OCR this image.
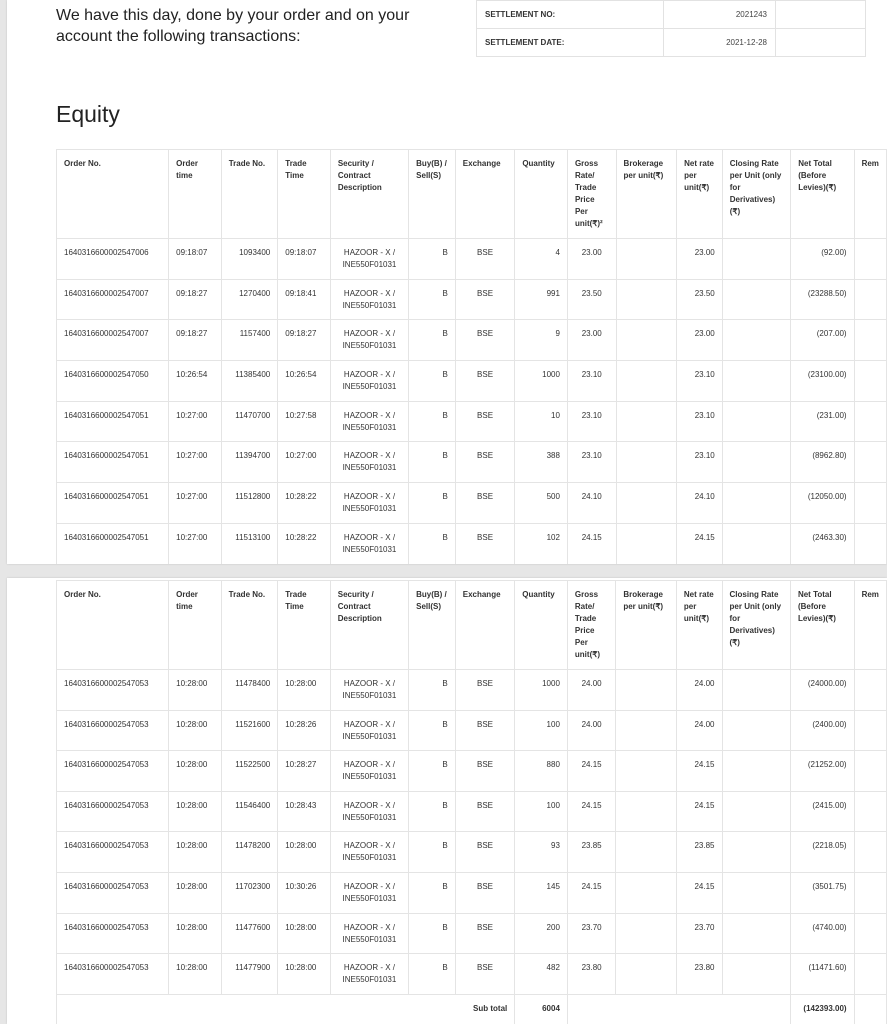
We have this day, done by your order and on your account the following transactions:
SETTLEMENT NO:	2021243	
SETTLEMENT DATE:	2021-12-28	
Equity
Order No.	Order time	Trade No.	Trade Time	Security / Contract Description	Buy(B) / Sell(S)	Exchange	Quantity	Gross Rate/ Trade Price Per unit(₹)²	Brokerage per unit(₹)	Net rate per unit(₹)	Closing Rate per Unit (only for Derivatives) (₹)	Net Total (Before Levies)(₹)	Rem
1640316600002547006	09:18:07	1093400	09:18:07	HAZOOR - X / INE550F01031	B	BSE	4	23.00		23.00		(92.00)	
1640316600002547007	09:18:27	1270400	09:18:41	HAZOOR - X / INE550F01031	B	BSE	991	23.50		23.50		(23288.50)	
1640316600002547007	09:18:27	1157400	09:18:27	HAZOOR - X / INE550F01031	B	BSE	9	23.00		23.00		(207.00)	
1640316600002547050	10:26:54	11385400	10:26:54	HAZOOR - X / INE550F01031	B	BSE	1000	23.10		23.10		(23100.00)	
1640316600002547051	10:27:00	11470700	10:27:58	HAZOOR - X / INE550F01031	B	BSE	10	23.10		23.10		(231.00)	
1640316600002547051	10:27:00	11394700	10:27:00	HAZOOR - X / INE550F01031	B	BSE	388	23.10		23.10		(8962.80)	
1640316600002547051	10:27:00	11512800	10:28:22	HAZOOR - X / INE550F01031	B	BSE	500	24.10		24.10		(12050.00)	
1640316600002547051	10:27:00	11513100	10:28:22	HAZOOR - X / INE550F01031	B	BSE	102	24.15		24.15		(2463.30)	
Order No.	Order time	Trade No.	Trade Time	Security / Contract Description	Buy(B) / Sell(S)	Exchange	Quantity	Gross Rate/ Trade Price Per unit(₹)	Brokerage per unit(₹)	Net rate per unit(₹)	Closing Rate per Unit (only for Derivatives) (₹)	Net Total (Before Levies)(₹)	Rem
1640316600002547053	10:28:00	11478400	10:28:00	HAZOOR - X / INE550F01031	B	BSE	1000	24.00		24.00		(24000.00)	
1640316600002547053	10:28:00	11521600	10:28:26	HAZOOR - X / INE550F01031	B	BSE	100	24.00		24.00		(2400.00)	
1640316600002547053	10:28:00	11522500	10:28:27	HAZOOR - X / INE550F01031	B	BSE	880	24.15		24.15		(21252.00)	
1640316600002547053	10:28:00	11546400	10:28:43	HAZOOR - X / INE550F01031	B	BSE	100	24.15		24.15		(2415.00)	
1640316600002547053	10:28:00	11478200	10:28:00	HAZOOR - X / INE550F01031	B	BSE	93	23.85		23.85		(2218.05)	
1640316600002547053	10:28:00	11702300	10:30:26	HAZOOR - X / INE550F01031	B	BSE	145	24.15		24.15		(3501.75)	
1640316600002547053	10:28:00	11477600	10:28:00	HAZOOR - X / INE550F01031	B	BSE	200	23.70		23.70		(4740.00)	
1640316600002547053	10:28:00	11477900	10:28:00	HAZOOR - X / INE550F01031	B	BSE	482	23.80		23.80		(11471.60)	
Sub total							6004					(142393.00)	
